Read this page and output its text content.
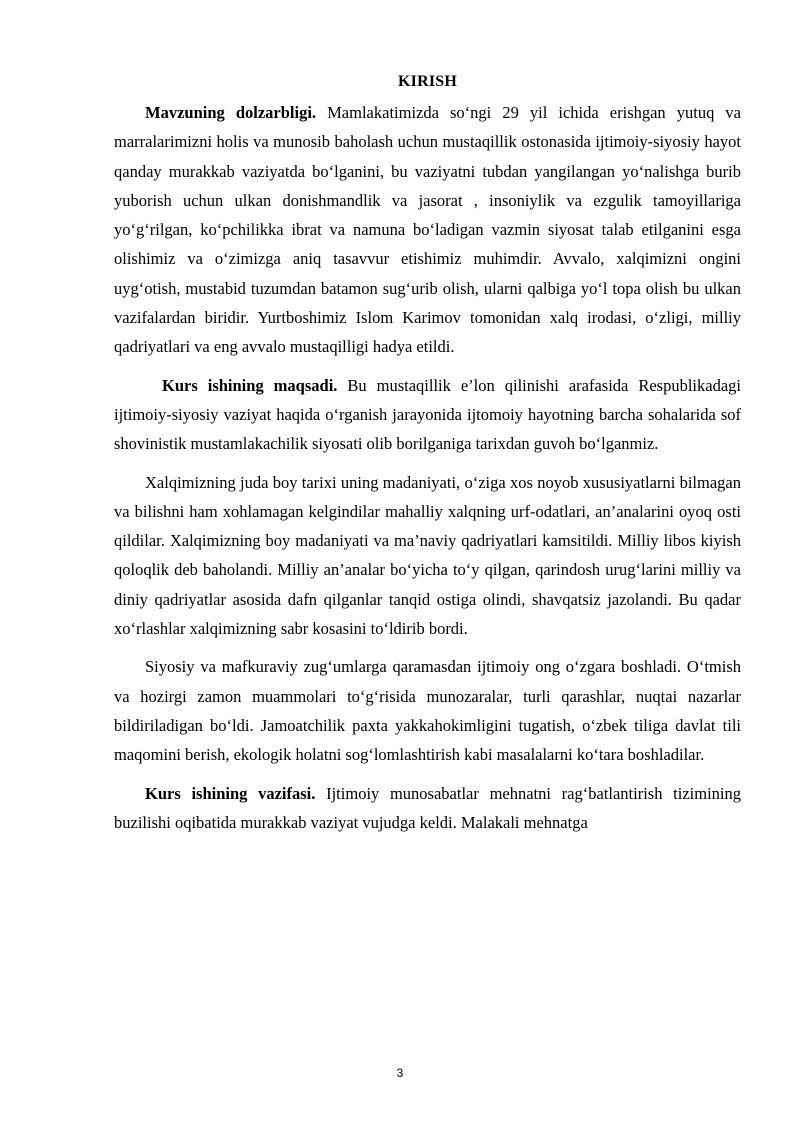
KIRISH

Mavzuning dolzarbligi. Mamlakatimizda so‘ngi 29 yil ichida erishgan yutuq va marralarimizni holis va munosib baholash uchun mustaqillik ostonasida ijtimoiy-siyosiy hayot qanday murakkab vaziyatda bo‘lganini, bu vaziyatni tubdan yangilangan yo‘nalishga burib yuborish uchun ulkan donishmandlik va jasorat , insoniylik va ezgulik tamoyillariga yo‘g‘rilgan, ko‘pchilikka ibrat va namuna bo‘ladigan vazmin siyosat talab etilganini esga olishimiz va o‘zimizga aniq tasavvur etishimiz muhimdir. Avvalo, xalqimizni ongini uyg‘otish, mustabid tuzumdan batamon sug‘urib olish, ularni qalbiga yo‘l topa olish bu ulkan vazifalardan biridir. Yurtboshimiz Islom Karimov tomonidan xalq irodasi, o‘zligi, milliy qadriyatlari va eng avvalo mustaqilligi hadya etildi.

Kurs ishining maqsadi. Bu mustaqillik e’lon qilinishi arafasida Respublikadagi ijtimoiy-siyosiy vaziyat haqida o‘rganish jarayonida ijtomoiy hayotning barcha sohalarida sof shovinistik mustamlakachilik siyosati olib borilganiga tarixdan guvoh bo‘lganmiz.

Xalqimizning juda boy tarixi uning madaniyati, o‘ziga xos noyob xususiyatlarni bilmagan va bilishni ham xohlamagan kelgindilar mahalliy xalqning urf-odatlari, an’analarini oyoq osti qildilar. Xalqimizning boy madaniyati va ma’naviy qadriyatlari kamsitildi. Milliy libos kiyish qoloqlik deb baholandi. Milliy an’analar bo‘yicha to‘y qilgan, qarindosh urug‘larini milliy va diniy qadriyatlar asosida dafn qilganlar tanqid ostiga olindi, shavqatsiz jazolandi. Bu qadar xo‘rlashlar xalqimizning sabr kosasini to‘ldirib bordi.

Siyosiy va mafkuraviy zug‘umlarga qaramasdan ijtimoiy ong o‘zgara boshladi. O‘tmish va hozirgi zamon muammolari to‘g‘risida munozaralar, turli qarashlar, nuqtai nazarlar bildiriladigan bo‘ldi. Jamoatchilik paxta yakkahokimligini tugatish, o‘zbek tiliga davlat tili maqomini berish, ekologik holatni sog‘lomlashtirish kabi masalalarni ko‘tara boshladilar.

Kurs ishining vazifasi. Ijtimoiy munosabatlar mehnatni rag‘batlantirish tizimining buzilishi oqibatida murakkab vaziyat vujudga keldi. Malakali mehnatga

3
